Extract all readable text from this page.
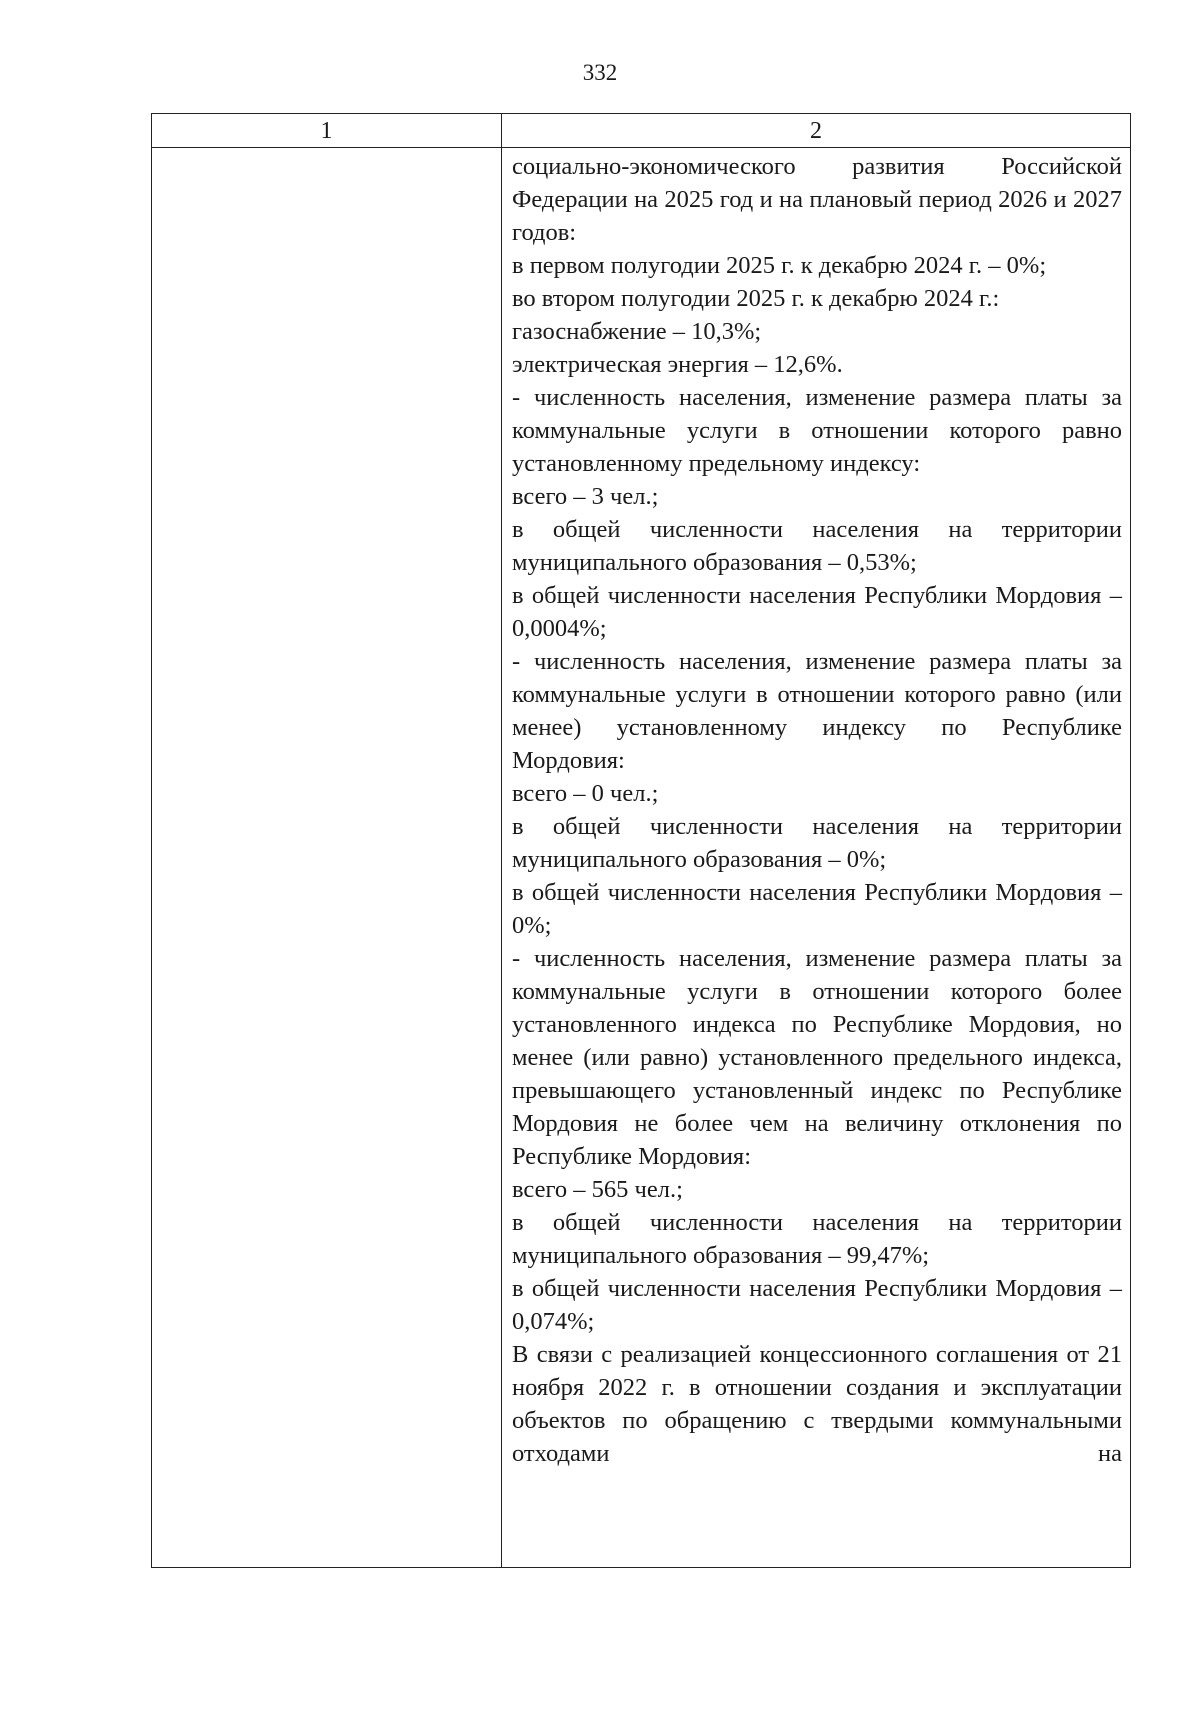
332
1	2
социально-экономического развития Российской Федерации на 2025 год и на плановый период 2026 и 2027 годов:
в первом полугодии 2025 г. к декабрю 2024 г. – 0%;
во втором полугодии 2025 г. к декабрю 2024 г.:
газоснабжение – 10,3%;
электрическая энергия – 12,6%.
- численность населения, изменение размера платы за коммунальные услуги в отношении которого равно установленному предельному индексу:
всего – 3 чел.;
в общей численности населения на территории муниципального образования – 0,53%;
в общей численности населения Республики Мордовия – 0,0004%;
- численность населения, изменение размера платы за коммунальные услуги в отношении которого равно (или менее) установленному индексу по Республике Мордовия:
всего – 0 чел.;
в общей численности населения на территории муниципального образования – 0%;
в общей численности населения Республики Мордовия – 0%;
- численность населения, изменение размера платы за коммунальные услуги в отношении которого более установленного индекса по Республике Мордовия, но менее (или равно) установленного предельного индекса, превышающего установленный индекс по Республике Мордовия не более чем на величину отклонения по Республике Мордовия:
всего – 565 чел.;
в общей численности населения на территории муниципального образования – 99,47%;
в общей численности населения Республики Мордовия – 0,074%;
В связи с реализацией концессионного соглашения от 21 ноября 2022 г. в отношении создания и эксплуатации объектов по обращению с твердыми коммунальными отходами на
